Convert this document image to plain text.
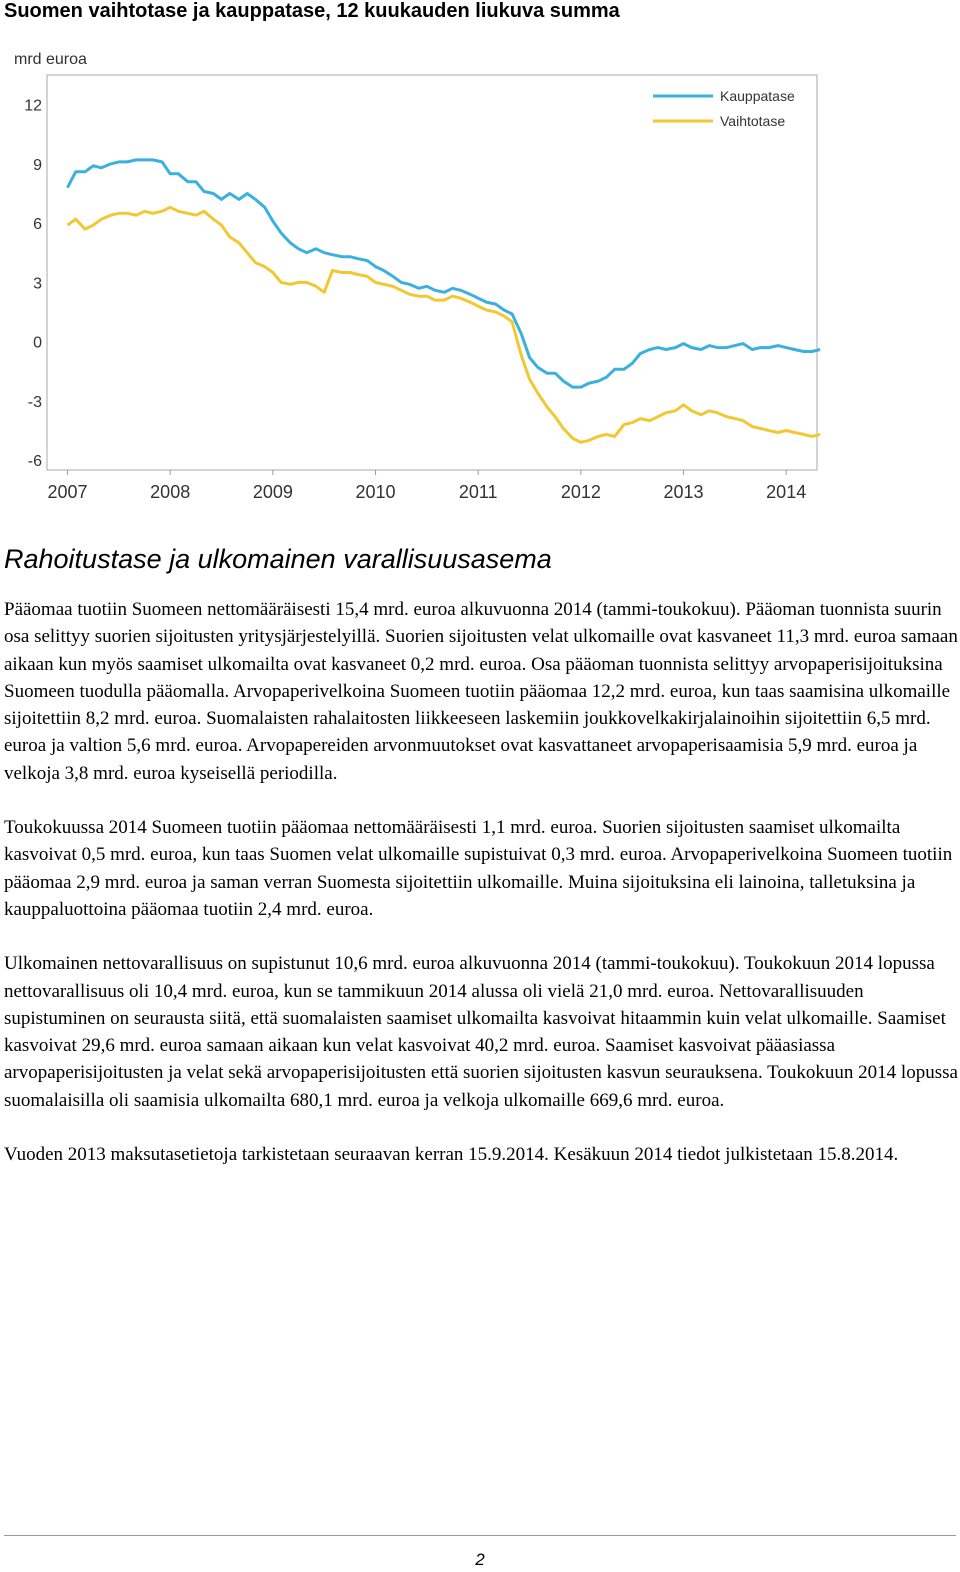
Suomen vaihtotase ja kauppatase, 12 kuukauden liukuva summa
mrd euroa
12
9
6
3
0
-3
-6
2007	2008	2009	2010	2011	2012	2013	2014
Kauppatase
Vaihtotase
Rahoitustase ja ulkomainen varallisuusasema

Pääomaa tuotiin Suomeen nettomääräisesti 15,4 mrd. euroa alkuvuonna 2014 (tammi-toukokuu). Pääoman tuonnista suurin osa selittyy suorien sijoitusten yritysjärjestelyillä. Suorien sijoitusten velat ulkomaille ovat kasvaneet 11,3 mrd. euroa samaan aikaan kun myös saamiset ulkomailta ovat kasvaneet 0,2 mrd. euroa. Osa pääoman tuonnista selittyy arvopaperisijoituksina Suomeen tuodulla pääomalla. Arvopaperivelkoina Suomeen tuotiin pääomaa 12,2 mrd. euroa, kun taas saamisina ulkomaille sijoitettiin 8,2 mrd. euroa. Suomalaisten rahalaitosten liikkeeseen laskemiin joukkovelkakirjalainoihin sijoitettiin 6,5 mrd. euroa ja valtion 5,6 mrd. euroa. Arvopapereiden arvonmuutokset ovat kasvattaneet arvopaperisaamisia 5,9 mrd. euroa ja velkoja 3,8 mrd. euroa kyseisellä periodilla.

Toukokuussa 2014 Suomeen tuotiin pääomaa nettomääräisesti 1,1 mrd. euroa. Suorien sijoitusten saamiset ulkomailta kasvoivat 0,5 mrd. euroa, kun taas Suomen velat ulkomaille supistuivat 0,3 mrd. euroa. Arvopaperivelkoina Suomeen tuotiin pääomaa 2,9 mrd. euroa ja saman verran Suomesta sijoitettiin ulkomaille. Muina sijoituksina eli lainoina, talletuksina ja kauppaluottoina pääomaa tuotiin 2,4 mrd. euroa.

Ulkomainen nettovarallisuus on supistunut 10,6 mrd. euroa alkuvuonna 2014 (tammi-toukokuu). Toukokuun 2014 lopussa nettovarallisuus oli 10,4 mrd. euroa, kun se tammikuun 2014 alussa oli vielä 21,0 mrd. euroa. Nettovarallisuuden supistuminen on seurausta siitä, että suomalaisten saamiset ulkomailta kasvoivat hitaammin kuin velat ulkomaille. Saamiset kasvoivat 29,6 mrd. euroa samaan aikaan kun velat kasvoivat 40,2 mrd. euroa. Saamiset kasvoivat pääasiassa arvopaperisijoitusten ja velat sekä arvopaperisijoitusten että suorien sijoitusten kasvun seurauksena. Toukokuun 2014 lopussa suomalaisilla oli saamisia ulkomailta 680,1 mrd. euroa ja velkoja ulkomaille 669,6 mrd. euroa.

Vuoden 2013 maksutasetietoja tarkistetaan seuraavan kerran 15.9.2014. Kesäkuun 2014 tiedot julkistetaan 15.8.2014.

2
